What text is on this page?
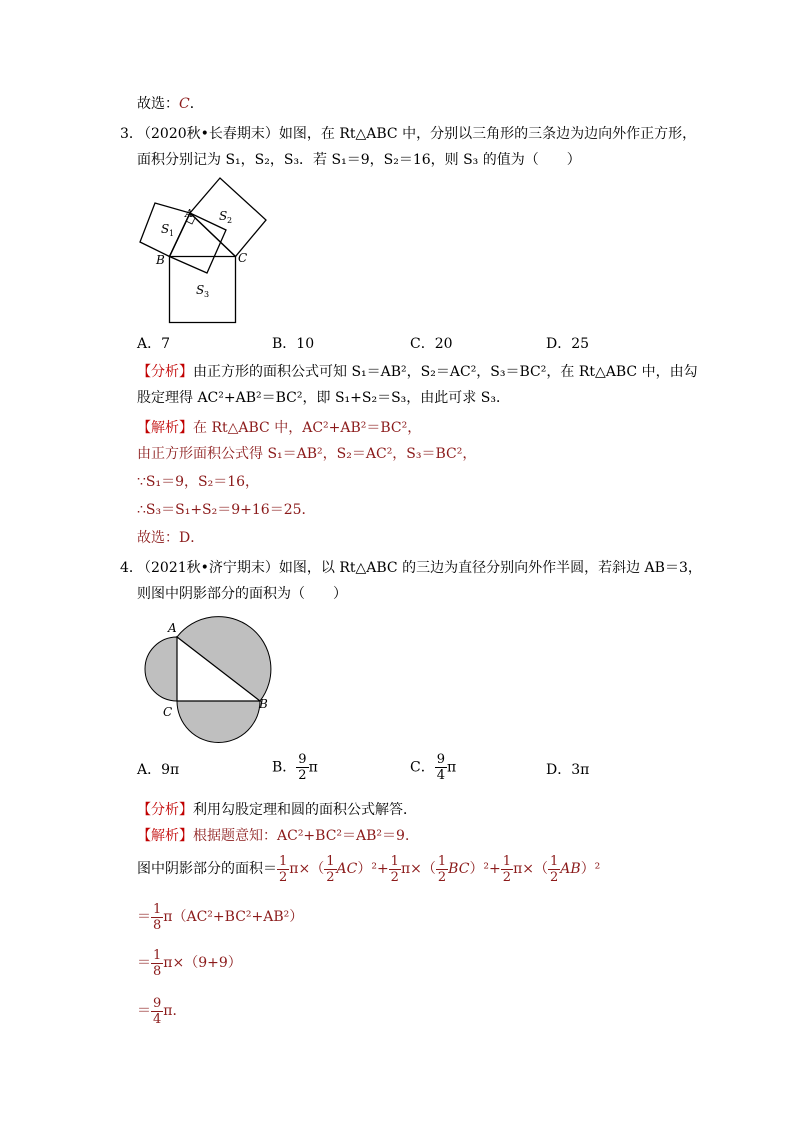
故选：C．
3．
（2020秋•长春期末）如图，在 Rt△ABC 中，分别以三角形的三条边为边向外作正方形，
面积分别记为 S₁，S₂，S₃．若 S₁＝9，S₂＝16，则 S₃ 的值为（　　）
A
B	C
S 1
S 2
S 3
A．7	B．10	C．20	D．25
【分析】由正方形的面积公式可知 S₁＝AB²，S₂＝AC²，S₃＝BC²，在 Rt△ABC 中，由勾
股定理得 AC²+AB²＝BC²，即 S₁+S₂＝S₃，由此可求 S₃．
【解析】在 Rt△ABC 中，AC²+AB²＝BC²，
由正方形面积公式得 S₁＝AB²，S₂＝AC²，S₃＝BC²，
∵S₁＝9，S₂＝16，
∴S₃＝S₁+S₂＝9+16＝25．
故选：D．
4．
（2021秋•济宁期末）如图，以 Rt△ABC 的三边为直径分别向外作半圆，若斜边 AB＝3，
则图中阴影部分的面积为（　　）
A
C
B
A．9π	B． $\frac{9}{2}$ π	C． $\frac{9}{4}$ π	D．3π
【分析】利用勾股定理和圆的面积公式解答．
【解析】根据题意知：AC²+BC²＝AB²＝9．
图中阴影部分的面积＝ $\frac{1}{2} \pi\times( \frac{1}{2} AC)^2+ \frac{1}{2} \pi\times( \frac{1}{2} BC)^2+ \frac{1}{2} \pi\times( \frac{1}{2} AB)^2$
＝ $\frac{1}{8} \pi(AC^2+BC^2+AB^2)$
＝ $\frac{1}{8} \pi\times(9+9)$
＝ $\frac{9}{4}$ π．
